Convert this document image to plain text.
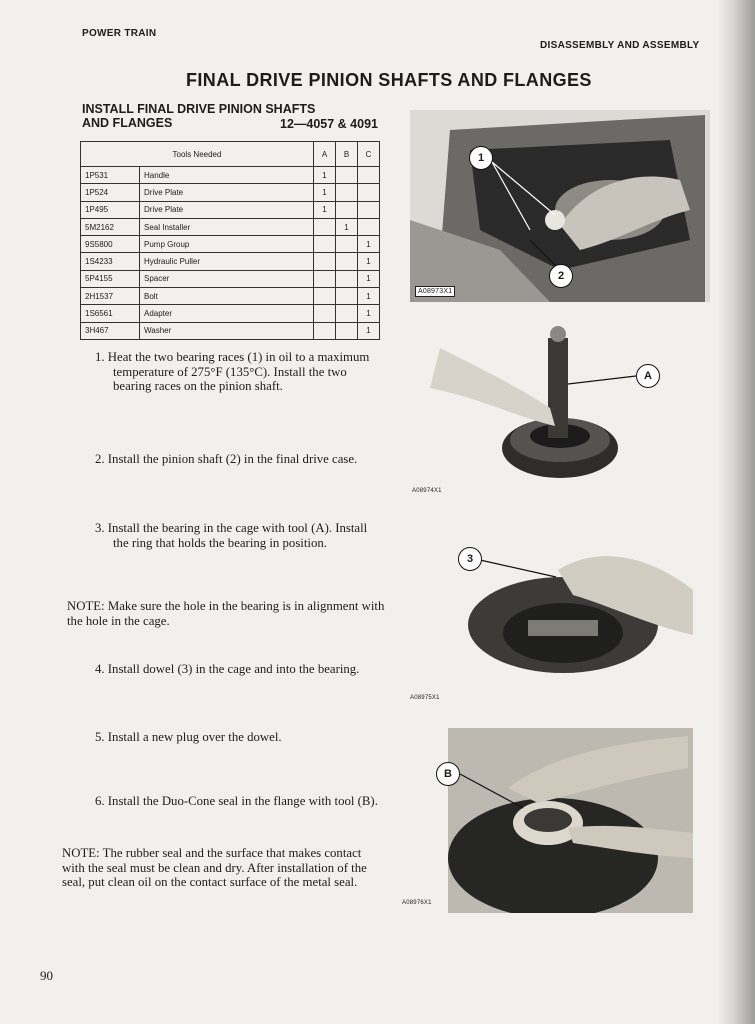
POWER TRAIN
DISASSEMBLY AND ASSEMBLY
FINAL DRIVE PINION SHAFTS AND FLANGES
INSTALL FINAL DRIVE PINION SHAFTS
AND FLANGES	12—4057 & 4091
Tools Needed		A	B	C
1P531	Handle	1		
1P524	Drive Plate	1		
1P495	Drive Plate	1		
5M2162	Seal Installer		1	
9S5800	Pump Group			1
1S4233	Hydraulic Puller			1
5P4155	Spacer			1
2H1537	Bolt			1
1S6561	Adapter			1
3H467	Washer			1
1. Heat the two bearing races (1) in oil to a maximum temperature of 275°F (135°C). Install the two bearing races on the pinion shaft.
2. Install the pinion shaft (2) in the final drive case.
3. Install the bearing in the cage with tool (A). Install the ring that holds the bearing in position.
NOTE: Make sure the hole in the bearing is in alignment with the hole in the cage.
4. Install dowel (3) in the cage and into the bearing.
5. Install a new plug over the dowel.
6. Install the Duo-Cone seal in the flange with tool (B).
NOTE: The rubber seal and the surface that makes contact with the seal must be clean and dry. After installation of the seal, put clean oil on the contact surface of the metal seal.
90
1
2
A08973X1
A
A08974X1
3
A08975X1
B
A08976X1
